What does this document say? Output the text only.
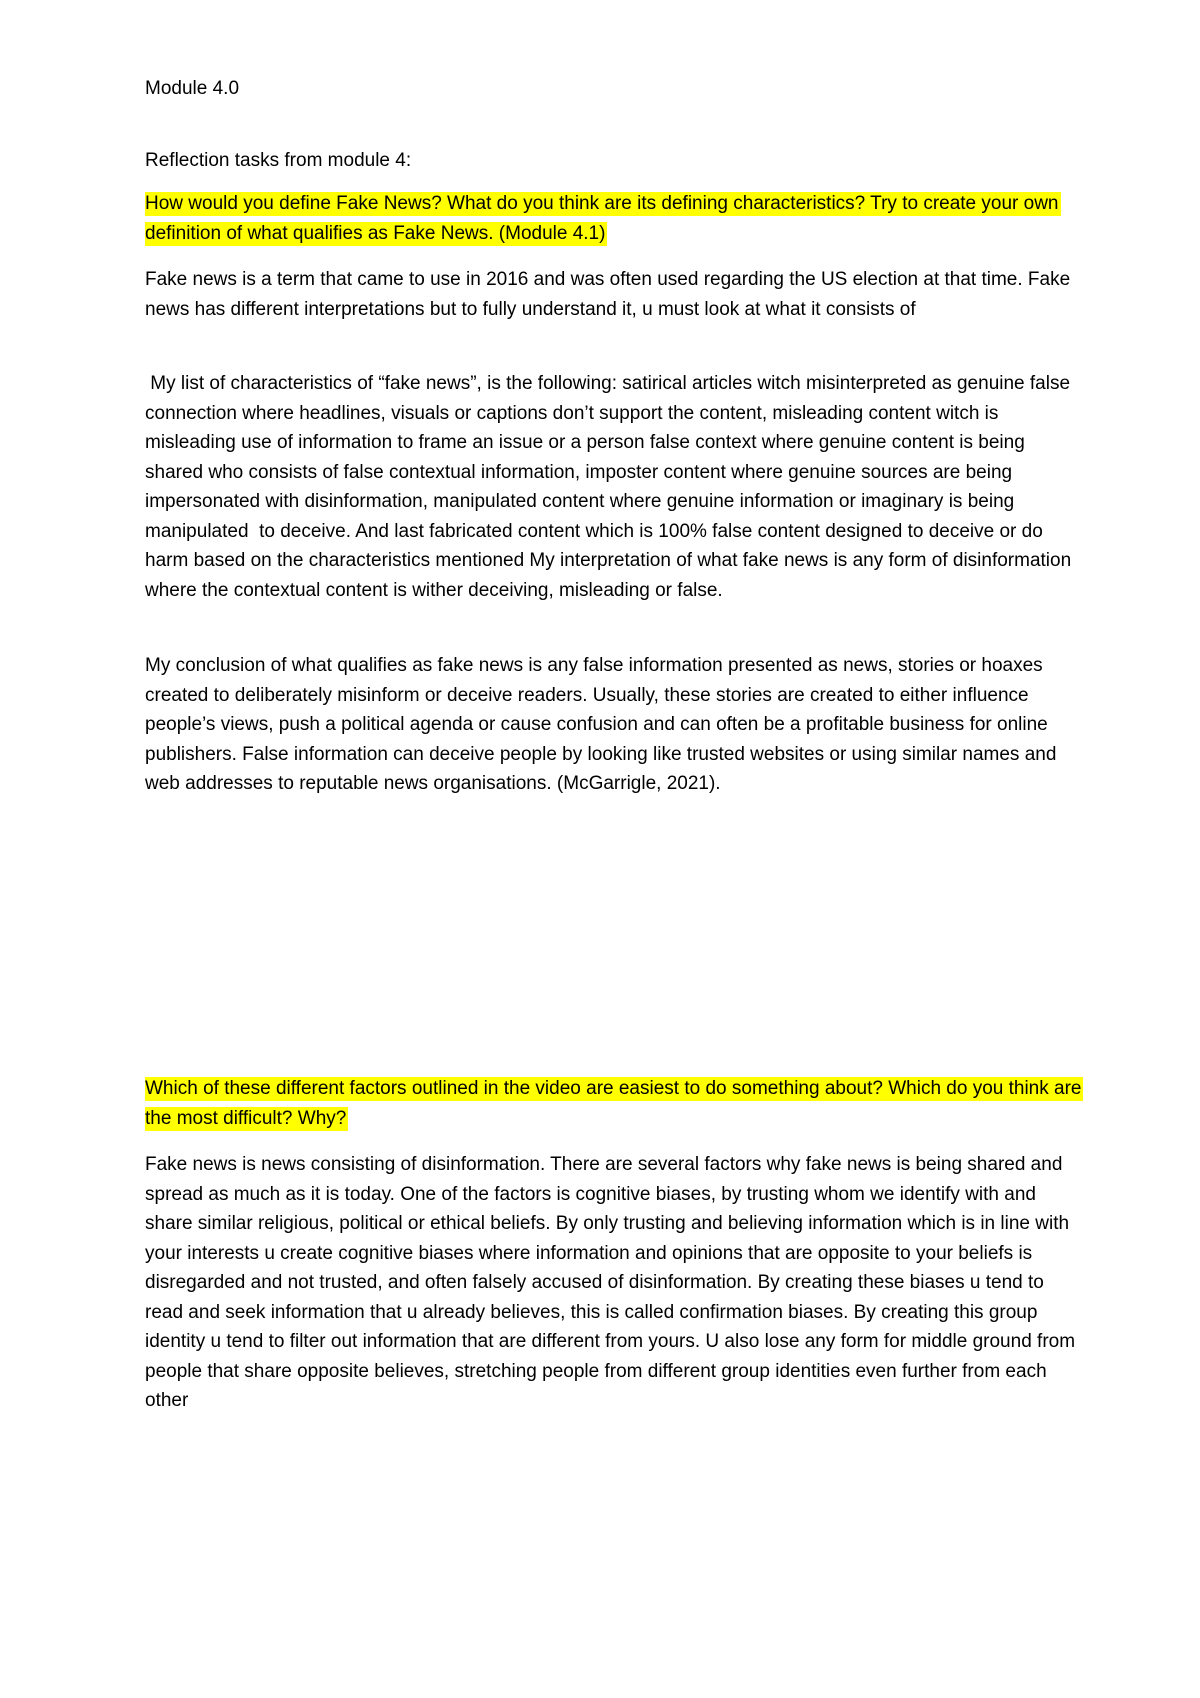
Module 4.0

Reflection tasks from module 4:

How would you define Fake News? What do you think are its defining characteristics? Try to create your own definition of what qualifies as Fake News. (Module 4.1)

Fake news is a term that came to use in 2016 and was often used regarding the US election at that time. Fake news has different interpretations but to fully understand it, u must look at what it consists of

My list of characteristics of “fake news”, is the following: satirical articles witch misinterpreted as genuine false connection where headlines, visuals or captions don’t support the content, misleading content witch is  misleading use of information to frame an issue or a person false context where genuine content is being  shared who consists of false contextual information, imposter content where genuine sources are being impersonated with disinformation, manipulated content where genuine information or imaginary is being manipulated  to deceive. And last fabricated content which is 100% false content designed to deceive or do harm based on the characteristics mentioned My interpretation of what fake news is any form of disinformation where the contextual content is wither deceiving, misleading or false.

My conclusion of what qualifies as fake news is any false information presented as news, stories or hoaxes created to deliberately misinform or deceive readers. Usually, these stories are created to either influence people’s views, push a political agenda or cause confusion and can often be a profitable business for online publishers. False information can deceive people by looking like trusted websites or using similar names and web addresses to reputable news organisations. (McGarrigle, 2021).

Which of these different factors outlined in the video are easiest to do something about? Which do you think are the most difficult? Why?

Fake news is news consisting of disinformation. There are several factors why fake news is being shared and spread as much as it is today. One of the factors is cognitive biases, by trusting whom we identify with and share similar religious, political or ethical beliefs. By only trusting and believing information which is in line with your interests u create cognitive biases where information and opinions that are opposite to your beliefs is disregarded and not trusted, and often falsely accused of disinformation. By creating these biases u tend to read and seek information that u already believes, this is called confirmation biases. By creating this group identity u tend to filter out information that are different from yours. U also lose any form for middle ground from people that share opposite believes, stretching people from different group identities even further from each other
